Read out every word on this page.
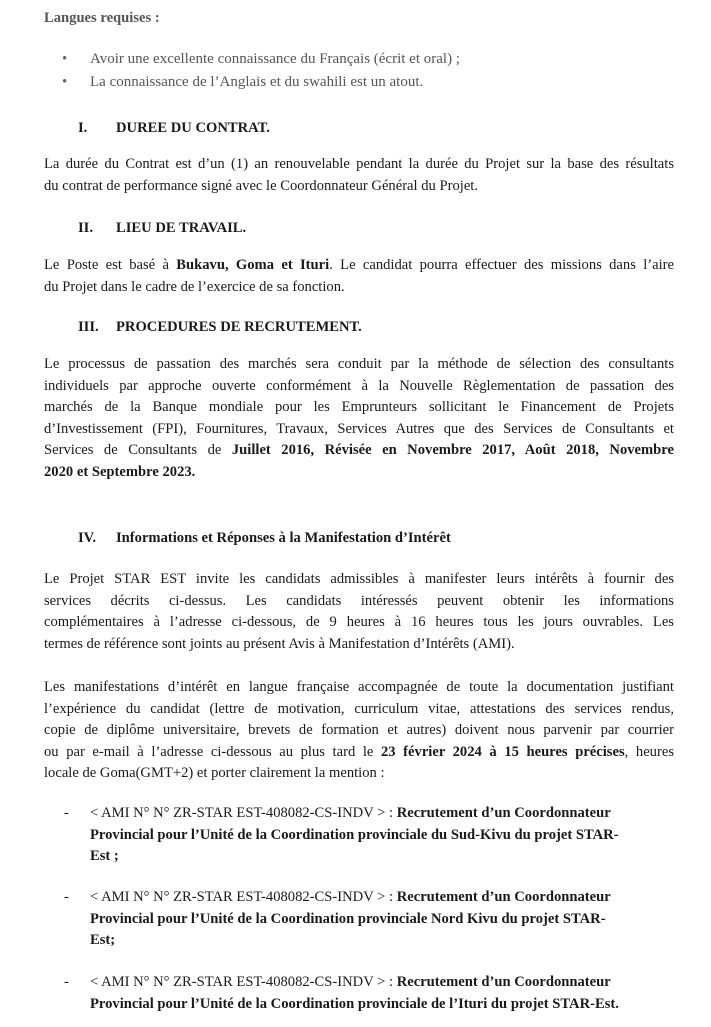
Langues requises :
• Avoir une excellente connaissance du Français (écrit et oral) ;
• La connaissance de l’Anglais et du swahili est un atout.
I. DUREE DU CONTRAT.
La durée du Contrat est d’un (1) an renouvelable pendant la durée du Projet sur la base des résultats
du contrat de performance signé avec le Coordonnateur Général du Projet.
II. LIEU DE TRAVAIL.
Le Poste est basé à Bukavu, Goma et Ituri. Le candidat pourra effectuer des missions dans l’aire
du Projet dans le cadre de l’exercice de sa fonction.
III. PROCEDURES DE RECRUTEMENT.
Le processus de passation des marchés sera conduit par la méthode de sélection des consultants
individuels par approche ouverte conformément à la Nouvelle Règlementation de passation des
marchés de la Banque mondiale pour les Emprunteurs sollicitant le Financement de Projets
d’Investissement (FPI), Fournitures, Travaux, Services Autres que des Services de Consultants et
Services de Consultants de Juillet 2016, Révisée en Novembre 2017, Août 2018, Novembre
2020 et Septembre 2023.
IV. Informations et Réponses à la Manifestation d’Intérêt
Le Projet STAR EST invite les candidats admissibles à manifester leurs intérêts à fournir des
services décrits ci-dessus. Les candidats intéressés peuvent obtenir les informations
complémentaires à l’adresse ci-dessous, de 9 heures à 16 heures tous les jours ouvrables. Les
termes de référence sont joints au présent Avis à Manifestation d’Intérêts (AMI).
Les manifestations d’intérêt en langue française accompagnée de toute la documentation justifiant
l’expérience du candidat (lettre de motivation, curriculum vitae, attestations des services rendus,
copie de diplôme universitaire, brevets de formation et autres) doivent nous parvenir par courrier
ou par e-mail à l’adresse ci-dessous au plus tard le 23 février 2024 à 15 heures précises, heures
locale de Goma(GMT+2) et porter clairement la mention :
- < AMI N° N° ZR-STAR EST-408082-CS-INDV > : Recrutement d’un Coordonnateur
Provincial pour l’Unité de la Coordination provinciale du Sud-Kivu du projet STAR-
Est ;
- < AMI N° N° ZR-STAR EST-408082-CS-INDV > : Recrutement d’un Coordonnateur
Provincial pour l’Unité de la Coordination provinciale Nord Kivu du projet STAR-
Est;
- < AMI N° N° ZR-STAR EST-408082-CS-INDV > : Recrutement d’un Coordonnateur
Provincial pour l’Unité de la Coordination provinciale de l’Ituri du projet STAR-Est.
